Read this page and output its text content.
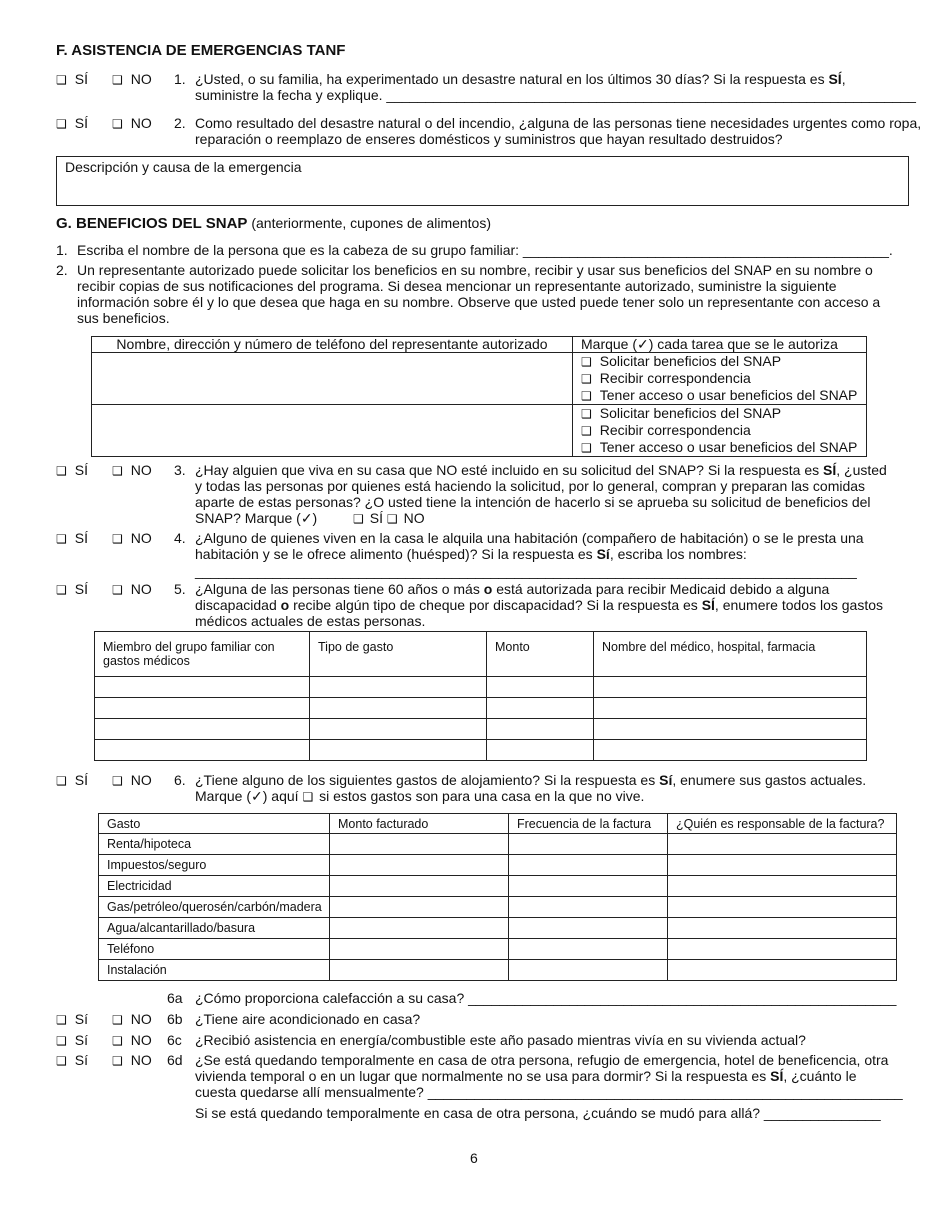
F. ASISTENCIA DE EMERGENCIAS TANF
❑ SÍ ❑ NO 1. ¿Usted, o su familia, ha experimentado un desastre natural en los últimos 30 días? Si la respuesta es SÍ,
suministre la fecha y explique. ____________________________________________________________________
❑ SÍ ❑ NO 2. Como resultado del desastre natural o del incendio, ¿alguna de las personas tiene necesidades urgentes como ropa,
reparación o reemplazo de enseres domésticos y suministros que hayan resultado destruidos?
Descripción y causa de la emergencia
G. BENEFICIOS DEL SNAP (anteriormente, cupones de alimentos)
1. Escriba el nombre de la persona que es la cabeza de su grupo familiar: _______________________________________________.
2. Un representante autorizado puede solicitar los beneficios en su nombre, recibir y usar sus beneficios del SNAP en su nombre o
recibir copias de sus notificaciones del programa. Si desea mencionar un representante autorizado, suministre la siguiente
información sobre él y lo que desea que haga en su nombre. Observe que usted puede tener solo un representante con acceso a
sus beneficios.
Nombre, dirección y número de teléfono del representante autorizado	Marque (✓) cada tarea que se le autoriza

	❑ Solicitar beneficios del SNAP
❑ Recibir correspondencia
❑ Tener acceso o usar beneficios del SNAP

	❑ Solicitar beneficios del SNAP
❑ Recibir correspondencia
❑ Tener acceso o usar beneficios del SNAP
❑ SÍ ❑ NO 3. ¿Hay alguien que viva en su casa que NO esté incluido en su solicitud del SNAP? Si la respuesta es SÍ, ¿usted
y todas las personas por quienes está haciendo la solicitud, por lo general, compran y preparan las comidas
aparte de estas personas? ¿O usted tiene la intención de hacerlo si se aprueba su solicitud de beneficios del
SNAP? Marque (✓)	❑ SÍ ❑ NO
❑ SÍ ❑ NO 4. ¿Alguno de quienes viven en la casa le alquila una habitación (compañero de habitación) o se le presta una
habitación y se le ofrece alimento (huésped)? Si la respuesta es Sí, escriba los nombres:
_____________________________________________________________________________________
❑ SÍ ❑ NO 5. ¿Alguna de las personas tiene 60 años o más o está autorizada para recibir Medicaid debido a alguna
discapacidad o recibe algún tipo de cheque por discapacidad? Si la respuesta es SÍ, enumere todos los gastos
médicos actuales de estas personas.
Miembro del grupo familiar con gastos médicos	Tipo de gasto	Monto	Nombre del médico, hospital, farmacia

❑ SÍ ❑ NO 6. ¿Tiene alguno de los siguientes gastos de alojamiento? Si la respuesta es Sí, enumere sus gastos actuales.
Marque (✓) aquí ❑ si estos gastos son para una casa en la que no vive.
Gasto	Monto facturado	Frecuencia de la factura	¿Quién es responsable de la factura?
Renta/hipoteca			
Impuestos/seguro			
Electricidad			
Gas/petróleo/querosén/carbón/madera			
Agua/alcantarillado/basura			
Teléfono			
Instalación			
6a ¿Cómo proporciona calefacción a su casa? _______________________________________________________
❑ Sí ❑ NO 6b ¿Tiene aire acondicionado en casa?
❑ Sí ❑ NO 6c ¿Recibió asistencia en energía/combustible este año pasado mientras vivía en su vivienda actual?
❑ Sí ❑ NO 6d ¿Se está quedando temporalmente en casa de otra persona, refugio de emergencia, hotel de beneficencia, otra
vivienda temporal o en un lugar que normalmente no se usa para dormir? Si la respuesta es SÍ, ¿cuánto le
cuesta quedarse allí mensualmente? _____________________________________________________________
Si se está quedando temporalmente en casa de otra persona, ¿cuándo se mudó para allá? _______________
6
